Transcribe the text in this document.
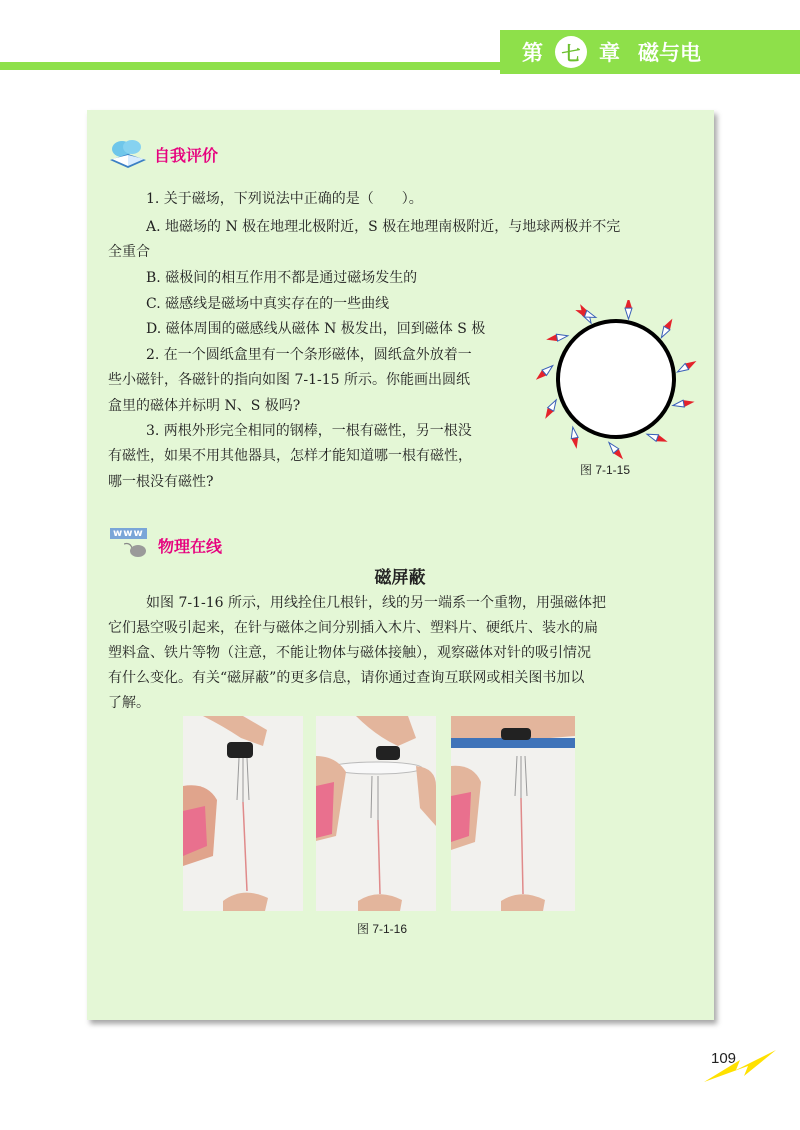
第 七 章 磁与电
自我评价
1. 关于磁场，下列说法中正确的是（　　）。
A. 地磁场的 N 极在地理北极附近，S 极在地理南极附近，与地球两极并不完
全重合
B. 磁极间的相互作用不都是通过磁场发生的
C. 磁感线是磁场中真实存在的一些曲线
D. 磁体周围的磁感线从磁体 N 极发出，回到磁体 S 极
2. 在一个圆纸盒里有一个条形磁体，圆纸盒外放着一
些小磁针，各磁针的指向如图 7-1-15 所示。你能画出圆纸
盒里的磁体并标明 N、S 极吗?
3. 两根外形完全相同的钢棒，一根有磁性，另一根没
有磁性，如果不用其他器具，怎样才能知道哪一根有磁性，
哪一根没有磁性?
图 7-1-15
www
物理在线
磁屏蔽
如图 7-1-16 所示，用线拴住几根针，线的另一端系一个重物，用强磁体把
它们悬空吸引起来，在针与磁体之间分别插入木片、塑料片、硬纸片、装水的扁
塑料盒、铁片等物（注意，不能让物体与磁体接触），观察磁体对针的吸引情况
有什么变化。有关“磁屏蔽”的更多信息，请你通过查询互联网或相关图书加以
了解。
图 7-1-16
109
